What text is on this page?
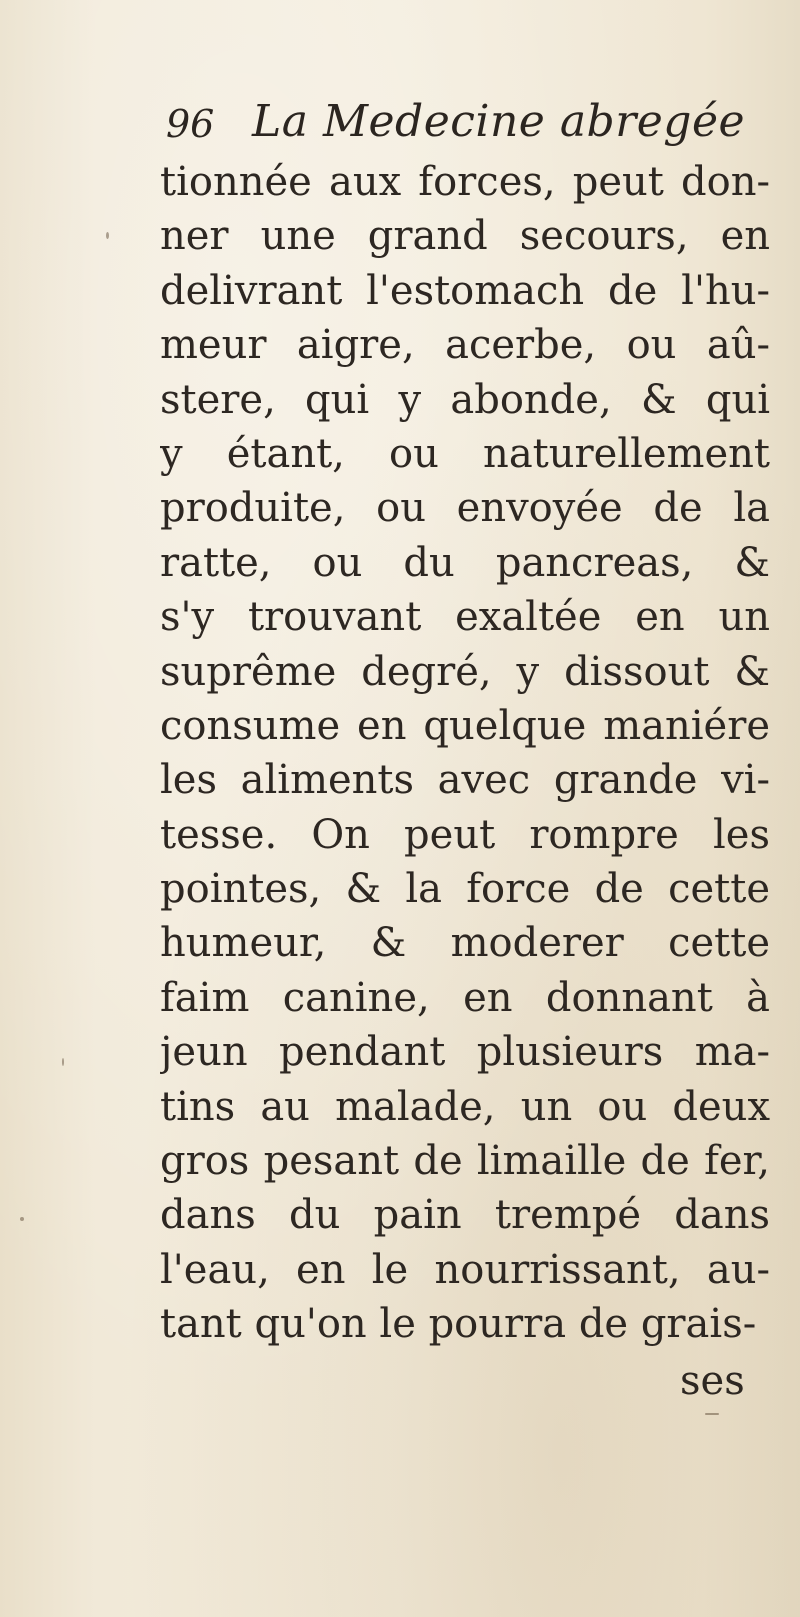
96 La Medecine abregée
tionnée aux forces, peut don-
ner une grand secours, en
delivrant l'estomach de l'hu-
meur aigre, acerbe, ou aû-
stere, qui y abonde, & qui
y étant, ou naturellement
produite, ou envoyée de la
ratte, ou du pancreas, &
s'y trouvant exaltée en un
suprême degré, y dissout &
consume en quelque maniére
les aliments avec grande vi-
tesse. On peut rompre les
pointes, & la force de cette
humeur, & moderer cette
faim canine, en donnant à
jeun pendant plusieurs ma-
tins au malade, un ou deux
gros pesant de limaille de fer,
dans du pain trempé dans
l'eau, en le nourrissant, au-
tant qu'on le pourra de grais-
ses
